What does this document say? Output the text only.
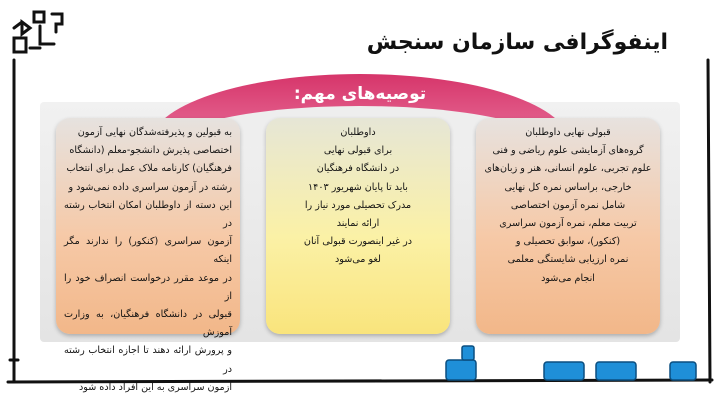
اینفوگرافی سازمان سنجش
توصیه‌های مهم:
قبولی نهایی داوطلبان
گروه‌های آزمایشی علوم ریاضی و فنی
علوم تجربی، علوم انسانی، هنر و زبان‌های
خارجی، براساس نمره کل نهایی
شامل نمره آزمون اختصاصی
تربیت معلم، نمره آزمون سراسری
(کنکور)، سوابق تحصیلی و
نمره ارزیابی شایستگی معلمی
انجام می‌شود
داوطلبان
برای قبولی نهایی
در دانشگاه فرهنگیان
باید تا پایان شهریور ۱۴۰۳
مدرک تحصیلی مورد نیاز را
ارائه نمایند
در غیر اینصورت قبولی آنان
لغو می‌شود
به قبولین و پذیرفته‌شدگان نهایی آزمون
اختصاصی پذیرش دانشجو-معلم (دانشگاه
فرهنگیان) کارنامه ملاک عمل برای انتخاب
رشته در آزمون سراسری داده نمی‌شود و
این دسته از داوطلبان امکان انتخاب رشته در
آزمون سراسری (کنکور) را ندارند مگر اینکه
در موعد مقرر درخواست انصراف خود را از
قبولی در دانشگاه فرهنگیان، به وزارت آموزش
و پرورش ارائه دهند تا اجازه انتخاب رشته در
آزمون سراسری به این افراد داده شود
